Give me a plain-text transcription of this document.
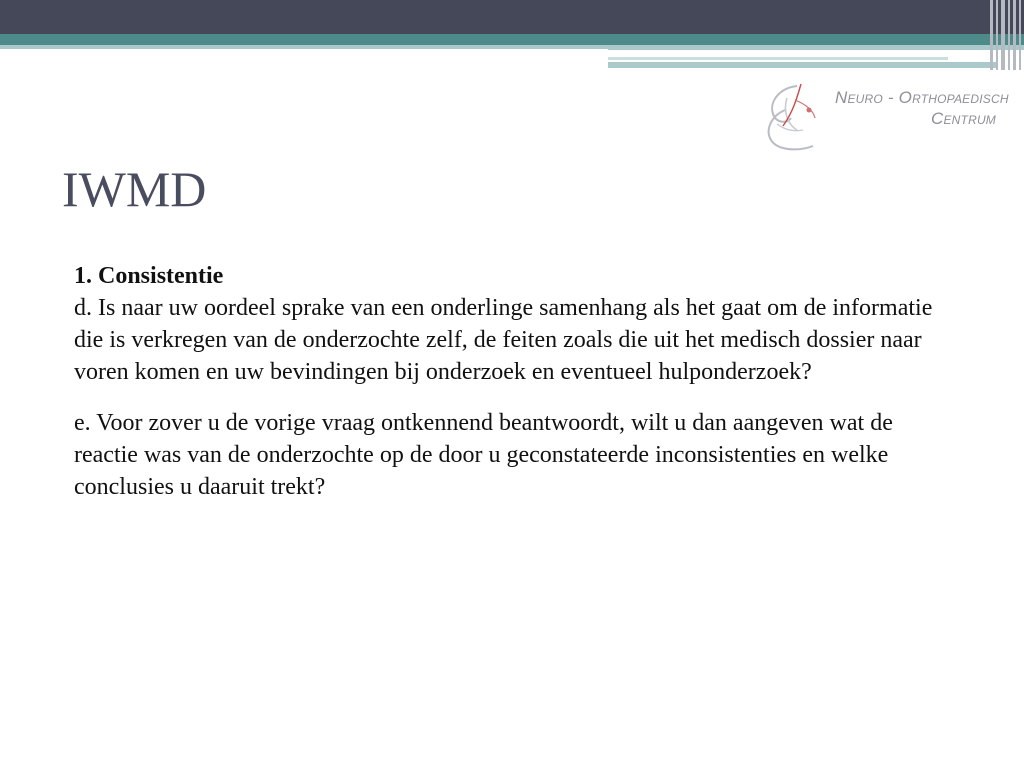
Neuro - Orthopaedisch
Centrum
IWMD
1. Consistentie

d. Is naar uw oordeel sprake van een onderlinge samenhang als het gaat om de informatie die is verkregen van de onderzochte zelf, de feiten zoals die uit het medisch dossier naar voren komen en uw bevindingen bij onderzoek en eventueel hulponderzoek?

e. Voor zover u de vorige vraag ontkennend beantwoordt, wilt u dan aangeven wat de reactie was van de onderzochte op de door u geconstateerde inconsistenties en welke conclusies u daaruit trekt?
